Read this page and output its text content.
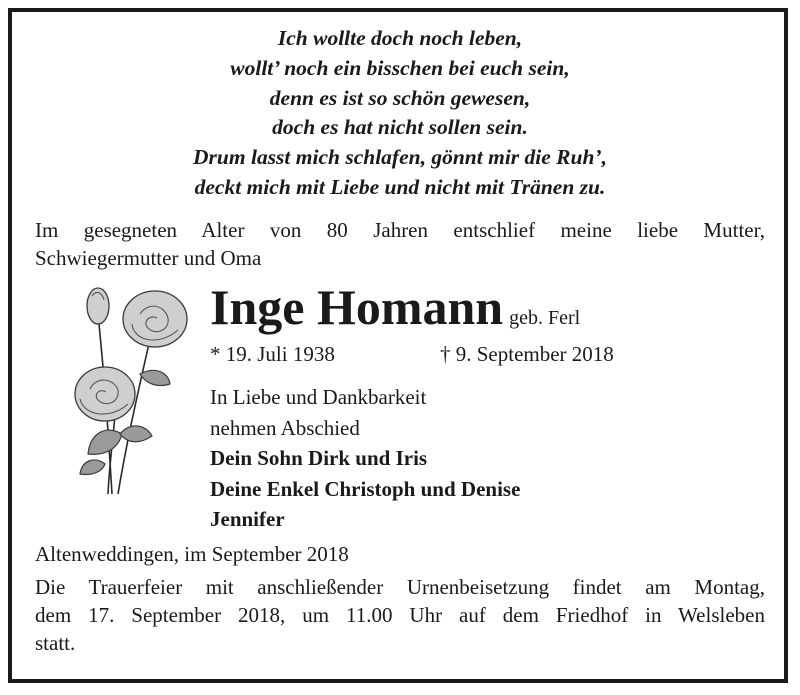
Ich wollte doch noch leben,
wollt’ noch ein bisschen bei euch sein,
denn es ist so schön gewesen,
doch es hat nicht sollen sein.
Drum lasst mich schlafen, gönnt mir die Ruh’,
deckt mich mit Liebe und nicht mit Tränen zu.
Im gesegneten Alter von 80 Jahren entschlief meine liebe Mutter,
Schwiegermutter und Oma
Inge Homann geb. Ferl
* 19. Juli 1938	† 9. September 2018
In Liebe und Dankbarkeit
nehmen Abschied
Dein Sohn Dirk und Iris
Deine Enkel Christoph und Denise
Jennifer
Altenweddingen, im September 2018
Die Trauerfeier mit anschließender Urnenbeisetzung findet am Montag,
dem 17. September 2018, um 11.00 Uhr auf dem Friedhof in Welsleben
statt.
